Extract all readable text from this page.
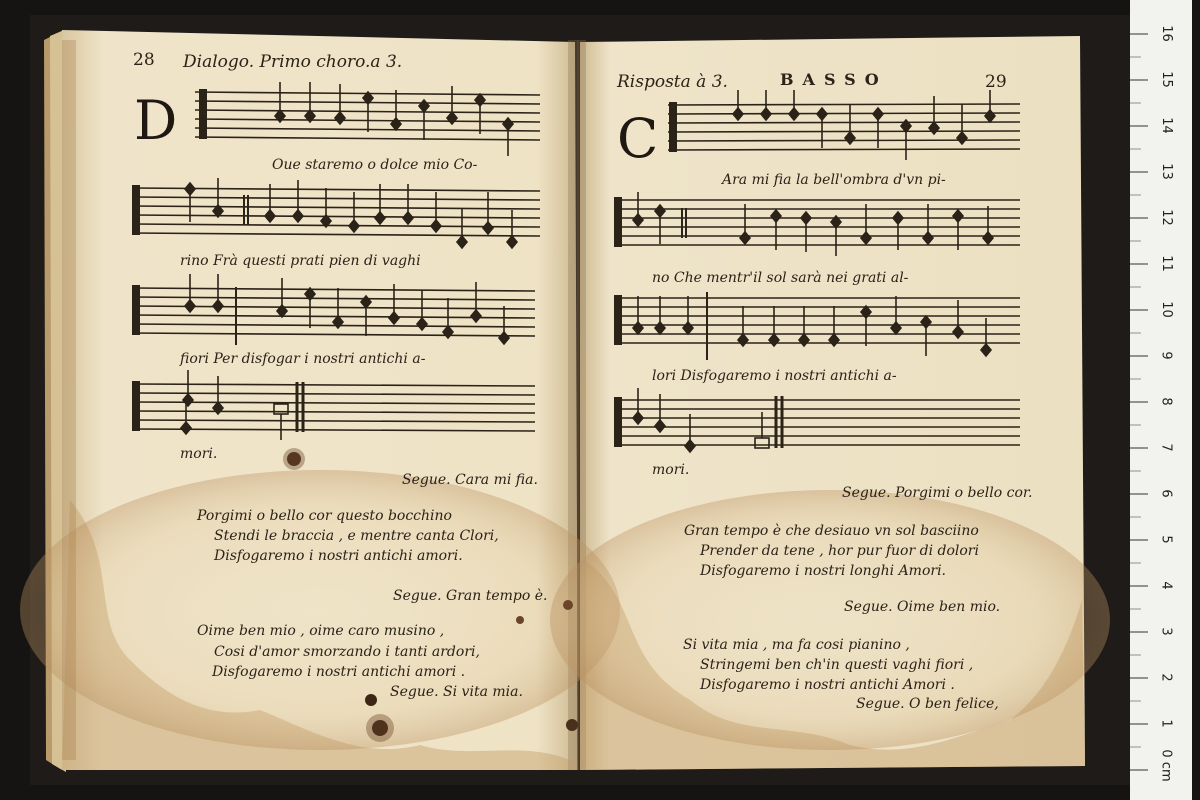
28 Dialogo. Primo choro.a 3.
D
Oue staremo o dolce mio Co-
rino Frà questi prati pien di vaghi
fiori Per disfogar i nostri antichi a-
mori.
Segue. Cara mi fia.
Porgimi o bello cor questo bocchino
Stendi le braccia , e mentre canta Clori,
Disfogaremo i nostri antichi amori.
Segue. Gran tempo è.
Oime ben mio , oime caro musino ,
Cosi d'amor smorzando i tanti ardori,
Disfogaremo i nostri antichi amori .
Segue. Si vita mia.
Risposta à 3.	BASSO	29
C
Ara mi fia la bell'ombra d'vn pi-
no Che mentr'il sol sarà nei grati al-
lori Disfogaremo i nostri antichi a-
mori.
Segue. Porgimi o bello cor.
Gran tempo è che desiauo vn sol basciino
Prender da tene , hor pur fuor di dolori
Disfogaremo i nostri longhi Amori.
Segue. Oime ben mio.
Si vita mia , ma fa cosi pianino ,
Stringemi ben ch'in questi vaghi fiori ,
Disfogaremo i nostri antichi Amori .
Segue. O ben felice,
0 cm
1
2
3
4
5
6
7
8
9
10
11
12
13
14
15
16
